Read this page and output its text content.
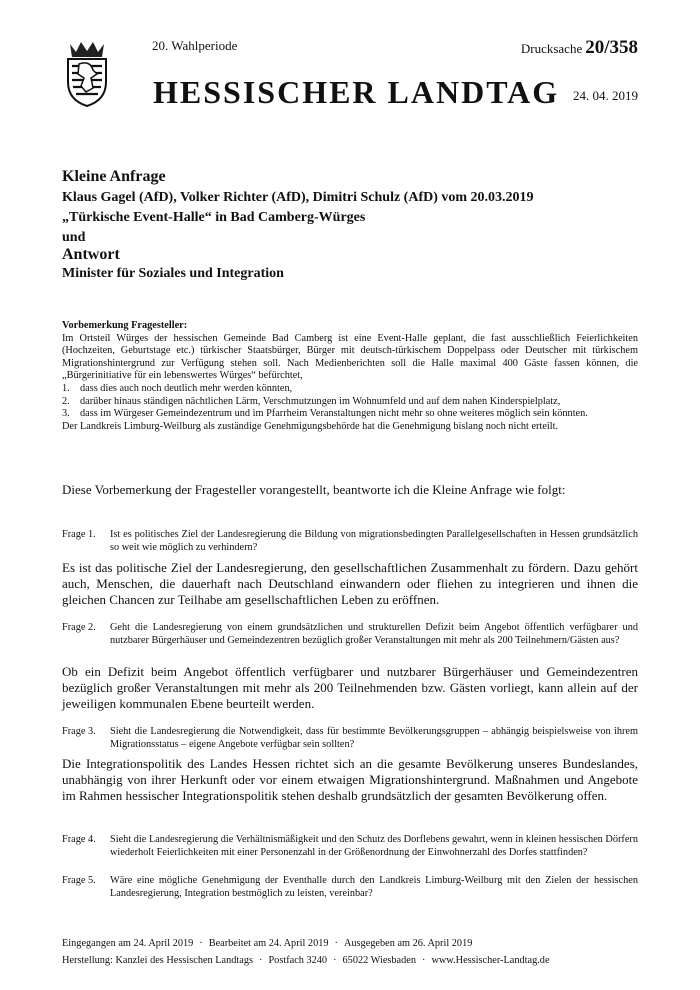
20. Wahlperiode	Drucksache 20/358
HESSISCHER LANDTAG 24. 04. 2019
Kleine Anfrage
Klaus Gagel (AfD), Volker Richter (AfD), Dimitri Schulz (AfD) vom 20.03.2019
„Türkische Event-Halle“ in Bad Camberg-Würges
und
Antwort
Minister für Soziales und Integration

Vorbemerkung Fragesteller:

Im Ortsteil Würges der hessischen Gemeinde Bad Camberg ist eine Event-Halle geplant, die fast ausschließlich Feierlichkeiten (Hochzeiten, Geburtstage etc.) türkischer Staatsbürger, Bürger mit deutsch-türkischem Doppelpass oder Deutscher mit türkischem Migrationshintergrund zur Verfügung stehen soll. Nach Medienberichten soll die Halle maximal 400 Gäste fassen können, die „Bürgerinitiative für ein lebenswertes Würges“ befürchtet,

1. dass dies auch noch deutlich mehr werden könnten,
2. darüber hinaus ständigen nächtlichen Lärm, Verschmutzungen im Wohnumfeld und auf dem nahen Kinderspielplatz,
3. dass im Würgeser Gemeindezentrum und im Pfarrheim Veranstaltungen nicht mehr so ohne weiteres möglich sein könnten.

Der Landkreis Limburg-Weilburg als zuständige Genehmigungsbehörde hat die Genehmigung bislang noch nicht erteilt.

Diese Vorbemerkung der Fragesteller vorangestellt, beantworte ich die Kleine Anfrage wie folgt:
Frage 1.	Ist es politisches Ziel der Landesregierung die Bildung von migrationsbedingten Parallelgesellschaften in Hessen grundsätzlich so weit wie möglich zu verhindern?
Es ist das politische Ziel der Landesregierung, den gesellschaftlichen Zusammenhalt zu fördern. Dazu gehört auch, Menschen, die dauerhaft nach Deutschland einwandern oder fliehen zu integrieren und ihnen die gleichen Chancen zur Teilhabe am gesellschaftlichen Leben zu eröffnen.
Frage 2.	Geht die Landesregierung von einem grundsätzlichen und strukturellen Defizit beim Angebot öffentlich verfügbarer und nutzbarer Bürgerhäuser und Gemeindezentren bezüglich großer Veranstaltungen mit mehr als 200 Teilnehmern/Gästen aus?
Ob ein Defizit beim Angebot öffentlich verfügbarer und nutzbarer Bürgerhäuser und Gemeindezentren bezüglich großer Veranstaltungen mit mehr als 200 Teilnehmenden bzw. Gästen vorliegt, kann allein auf der jeweiligen kommunalen Ebene beurteilt werden.
Frage 3.	Sieht die Landesregierung die Notwendigkeit, dass für bestimmte Bevölkerungsgruppen – abhängig beispielsweise von ihrem Migrationsstatus – eigene Angebote verfügbar sein sollten?
Die Integrationspolitik des Landes Hessen richtet sich an die gesamte Bevölkerung unseres Bundeslandes, unabhängig von ihrer Herkunft oder vor einem etwaigen Migrationshintergrund. Maßnahmen und Angebote im Rahmen hessischer Integrationspolitik stehen deshalb grundsätzlich der gesamten Bevölkerung offen.
Frage 4.	Sieht die Landesregierung die Verhältnismäßigkeit und den Schutz des Dorflebens gewahrt, wenn in kleinen hessischen Dörfern wiederholt Feierlichkeiten mit einer Personenzahl in der Größenordnung der Einwohnerzahl des Dorfes stattfinden?
Frage 5.	Wäre eine mögliche Genehmigung der Eventhalle durch den Landkreis Limburg-Weilburg mit den Zielen der hessischen Landesregierung, Integration bestmöglich zu leisten, vereinbar?
Eingegangen am 24. April 2019 · Bearbeitet am 24. April 2019 · Ausgegeben am 26. April 2019
Herstellung: Kanzlei des Hessischen Landtags · Postfach 3240 · 65022 Wiesbaden · www.Hessischer-Landtag.de
